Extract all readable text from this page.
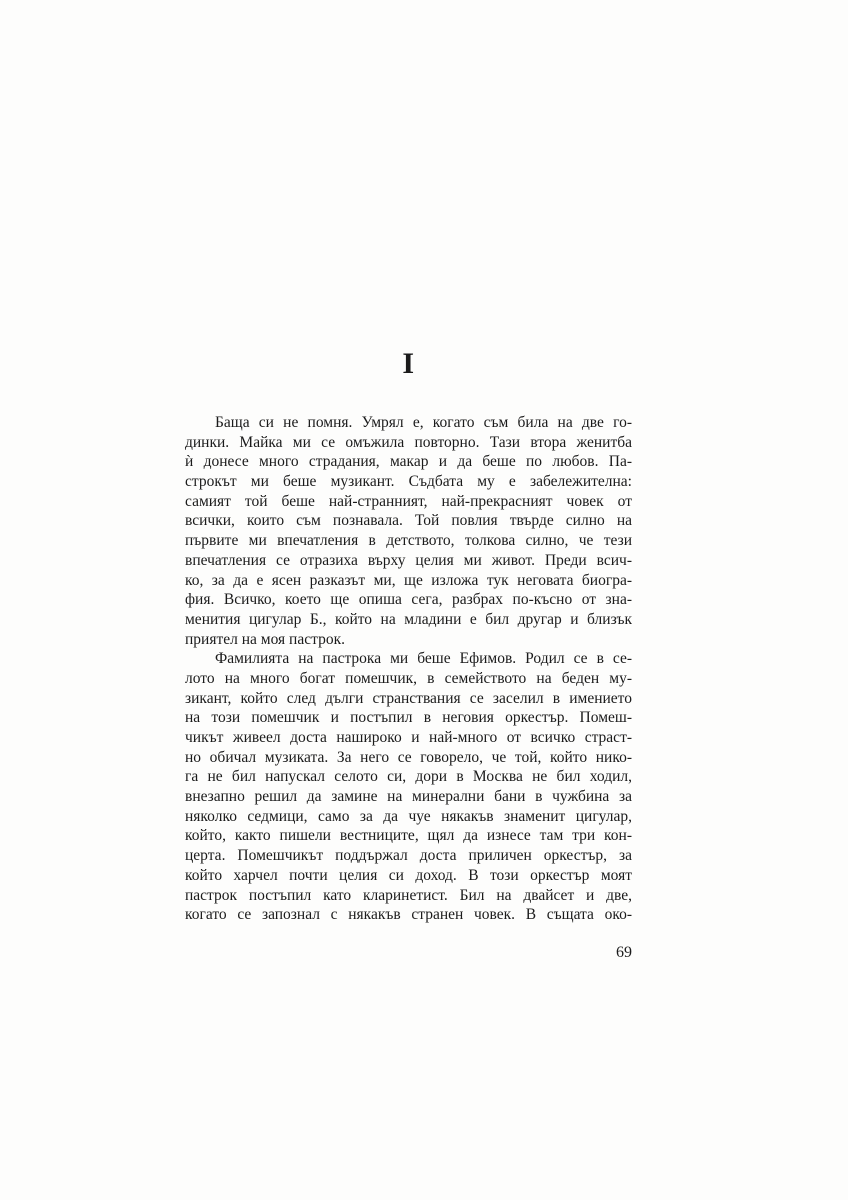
I
Баща си не помня. Умрял е, когато съм била на две го-
динки. Майка ми се омъжила повторно. Тази втора женитба
ѝ донесе много страдания, макар и да беше по любов. Па-
строкът ми беше музикант. Съдбата му е забележителна:
самият той беше най-странният, най-прекрасният човек от
всички, които съм познавала. Той повлия твърде силно на
първите ми впечатления в детството, толкова силно, че тези
впечатления се отразиха върху целия ми живот. Преди всич-
ко, за да е ясен разказът ми, ще изложа тук неговата биогра-
фия. Всичко, което ще опиша сега, разбрах по-късно от зна-
менития цигулар Б., който на младини е бил другар и близък
приятел на моя пастрок.
Фамилията на пастрока ми беше Ефимов. Родил се в се-
лото на много богат помешчик, в семейството на беден му-
зикант, който след дълги странствания се заселил в имението
на този помешчик и постъпил в неговия оркестър. Помеш-
чикът живеел доста нашироко и най-много от всичко страст-
но обичал музиката. За него се говорело, че той, който нико-
га не бил напускал селото си, дори в Москва не бил ходил,
внезапно решил да замине на минерални бани в чужбина за
няколко седмици, само за да чуе някакъв знаменит цигулар,
който, както пишели вестниците, щял да изнесе там три кон-
церта. Помешчикът поддържал доста приличен оркестър, за
който харчел почти целия си доход. В този оркестър моят
пастрок постъпил като кларинетист. Бил на двайсет и две,
когато се запознал с някакъв странен човек. В същата око-
69
